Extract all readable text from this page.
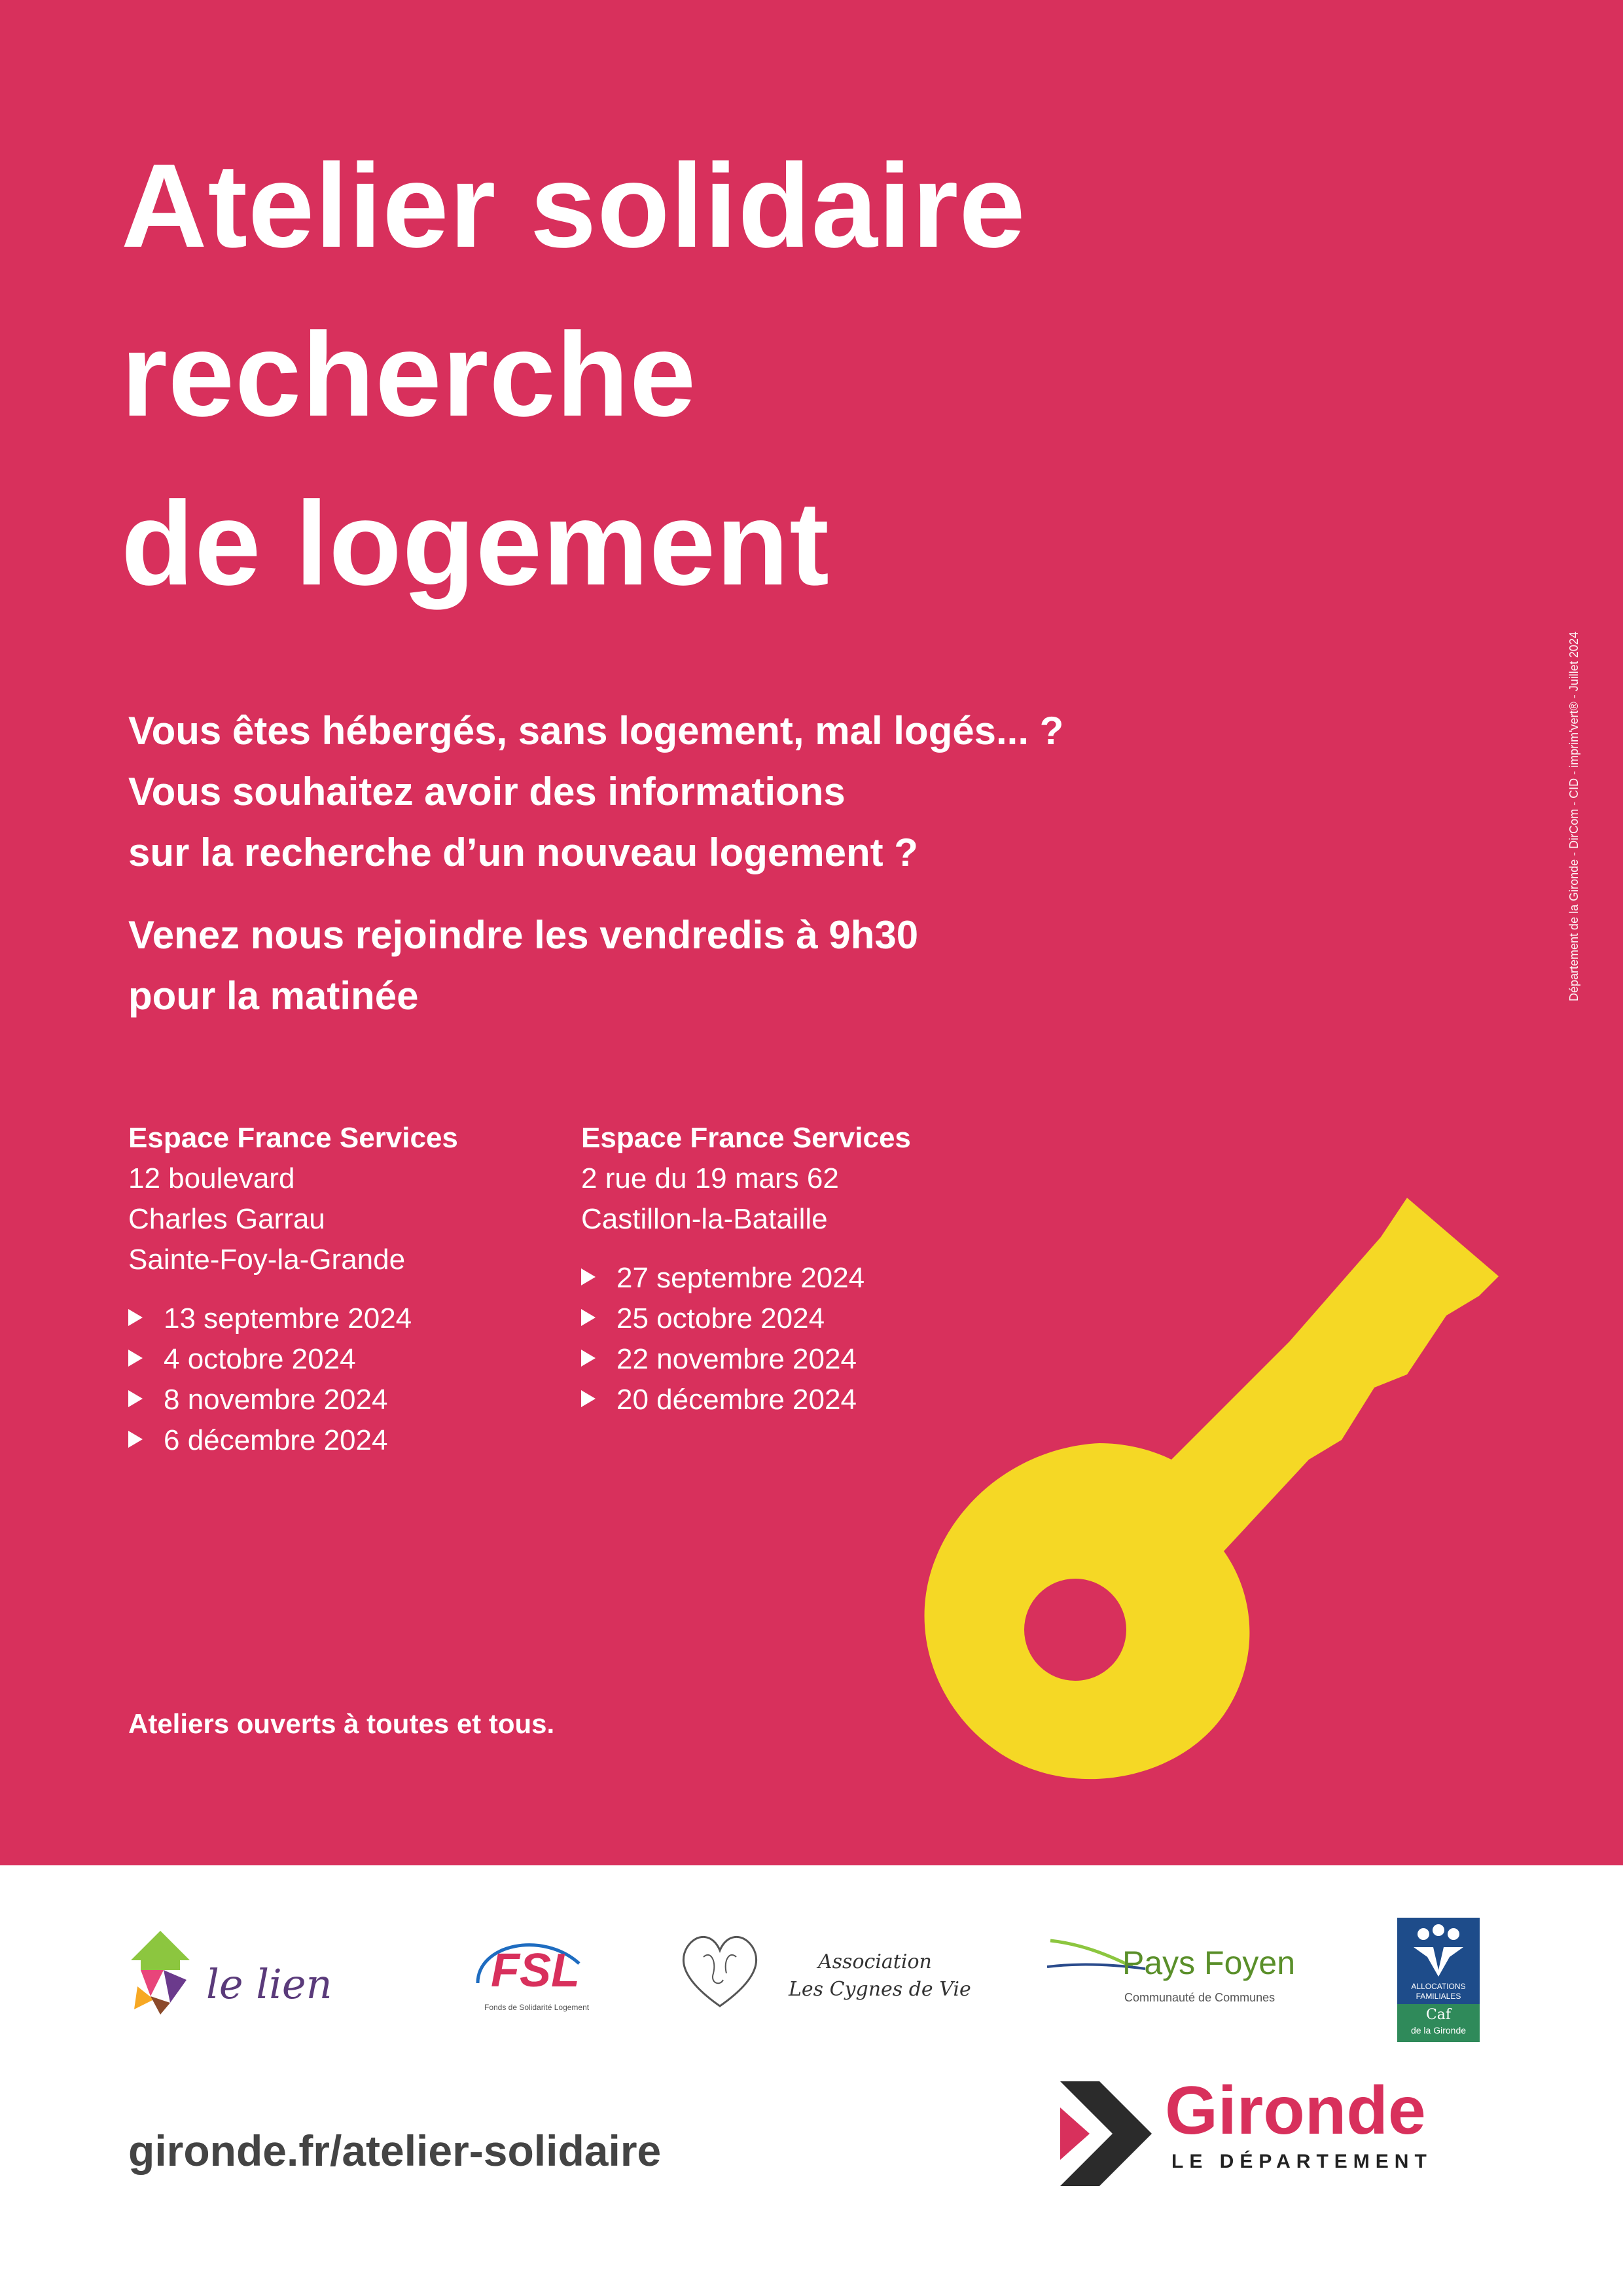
Atelier solidaire
recherche
de logement
Vous êtes hébergés, sans logement, mal logés... ?
Vous souhaitez avoir des informations
sur la recherche d’un nouveau logement ?
Venez nous rejoindre les vendredis à 9h30
pour la matinée
Espace France Services
12 boulevard
Charles Garrau
Sainte-Foy-la-Grande
13 septembre 2024
4 octobre 2024
8 novembre 2024
6 décembre 2024
Espace France Services
2 rue du 19 mars 62
Castillon-la-Bataille
27 septembre 2024
25 octobre 2024
22 novembre 2024
20 décembre 2024
Ateliers ouverts à toutes et tous.
Département de la Gironde - DirCom - CID - imprim'vert® - Juillet 2024
le lien	FSL
Fonds de Solidarité Logement
Association
Les Cygnes de Vie
Pays Foyen
Communauté de Communes
ALLOCATIONS
FAMILIALES
Caf
de la Gironde
gironde.fr/atelier-solidaire
Gironde
LE DÉPARTEMENT
